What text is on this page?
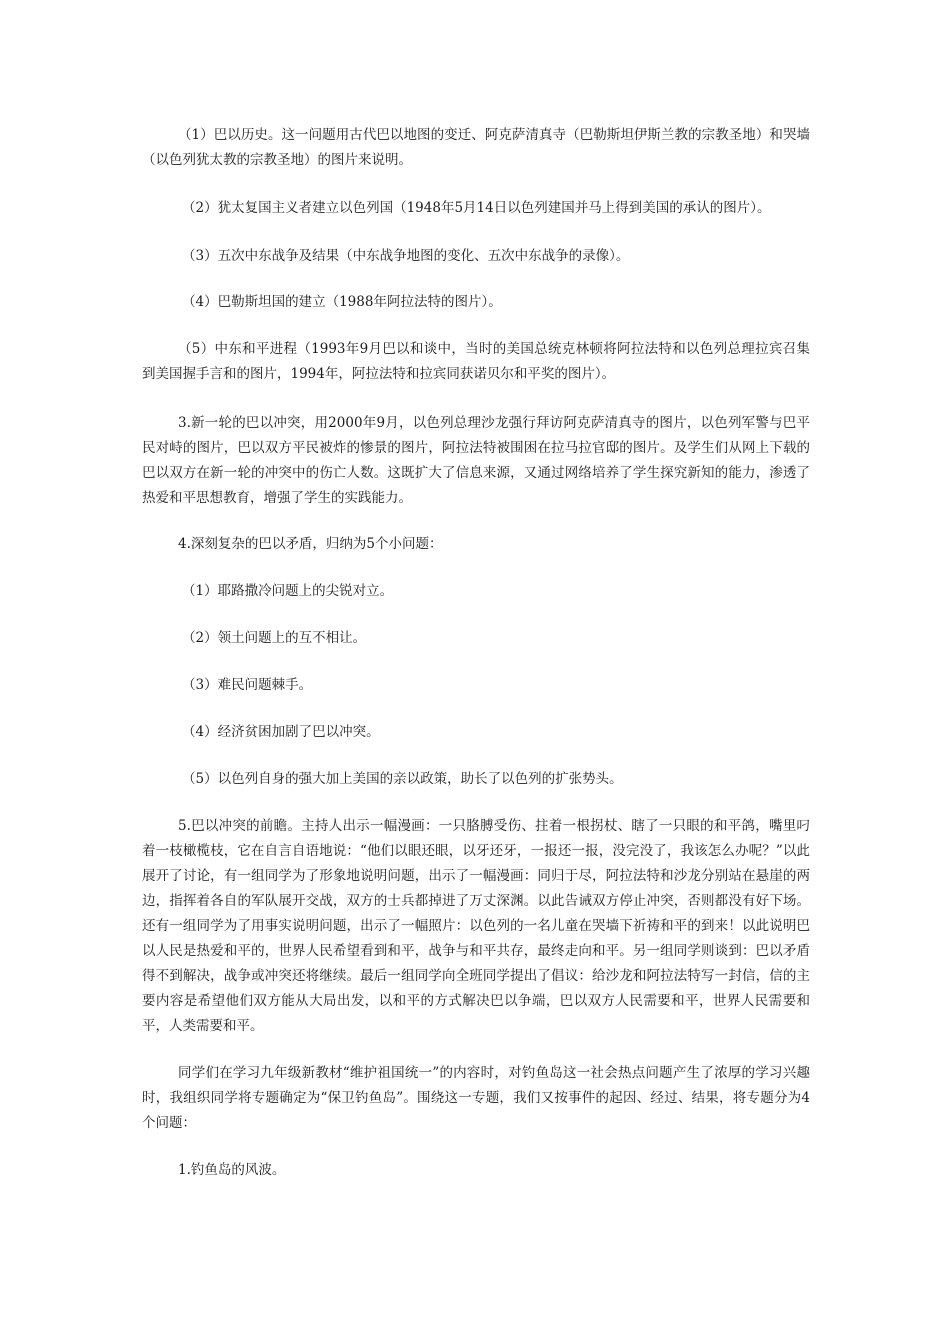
（1）巴以历史。这一问题用古代巴以地图的变迁、阿克萨清真寺（巴勒斯坦伊斯兰教的宗教圣地）和哭墙（以色列犹太教的宗教圣地）的图片来说明。
（2）犹太复国主义者建立以色列国（1948年5月14日以色列建国并马上得到美国的承认的图片）。
（3）五次中东战争及结果（中东战争地图的变化、五次中东战争的录像）。
（4）巴勒斯坦国的建立（1988年阿拉法特的图片）。
（5）中东和平进程（1993年9月巴以和谈中，当时的美国总统克林顿将阿拉法特和以色列总理拉宾召集到美国握手言和的图片，1994年，阿拉法特和拉宾同获诺贝尔和平奖的图片）。
3.新一轮的巴以冲突，用2000年9月，以色列总理沙龙强行拜访阿克萨清真寺的图片，以色列军警与巴平民对峙的图片，巴以双方平民被炸的惨景的图片，阿拉法特被围困在拉马拉官邸的图片。及学生们从网上下载的巴以双方在新一轮的冲突中的伤亡人数。这既扩大了信息来源，又通过网络培养了学生探究新知的能力，渗透了热爱和平思想教育，增强了学生的实践能力。
4.深刻复杂的巴以矛盾，归纳为5个小问题：
（1）耶路撒冷问题上的尖锐对立。
（2）领土问题上的互不相让。
（3）难民问题棘手。
（4）经济贫困加剧了巴以冲突。
（5）以色列自身的强大加上美国的亲以政策，助长了以色列的扩张势头。
5.巴以冲突的前瞻。主持人出示一幅漫画：一只胳膊受伤、拄着一根拐杖、瞎了一只眼的和平鸽，嘴里叼着一枝橄榄枝，它在自言自语地说：“他们以眼还眼，以牙还牙，一报还一报，没完没了，我该怎么办呢？”以此展开了讨论，有一组同学为了形象地说明问题，出示了一幅漫画：同归于尽，阿拉法特和沙龙分别站在悬崖的两边，指挥着各自的军队展开交战，双方的士兵都掉进了万丈深渊。以此告诫双方停止冲突，否则都没有好下场。还有一组同学为了用事实说明问题，出示了一幅照片：以色列的一名儿童在哭墙下祈祷和平的到来！以此说明巴以人民是热爱和平的，世界人民希望看到和平，战争与和平共存，最终走向和平。另一组同学则谈到：巴以矛盾得不到解决，战争或冲突还将继续。最后一组同学向全班同学提出了倡议：给沙龙和阿拉法特写一封信，信的主要内容是希望他们双方能从大局出发，以和平的方式解决巴以争端，巴以双方人民需要和平，世界人民需要和平，人类需要和平。
同学们在学习九年级新教材“维护祖国统一”的内容时，对钓鱼岛这一社会热点问题产生了浓厚的学习兴趣时，我组织同学将专题确定为“保卫钓鱼岛”。围绕这一专题，我们又按事件的起因、经过、结果，将专题分为4个问题：
1.钓鱼岛的风波。
